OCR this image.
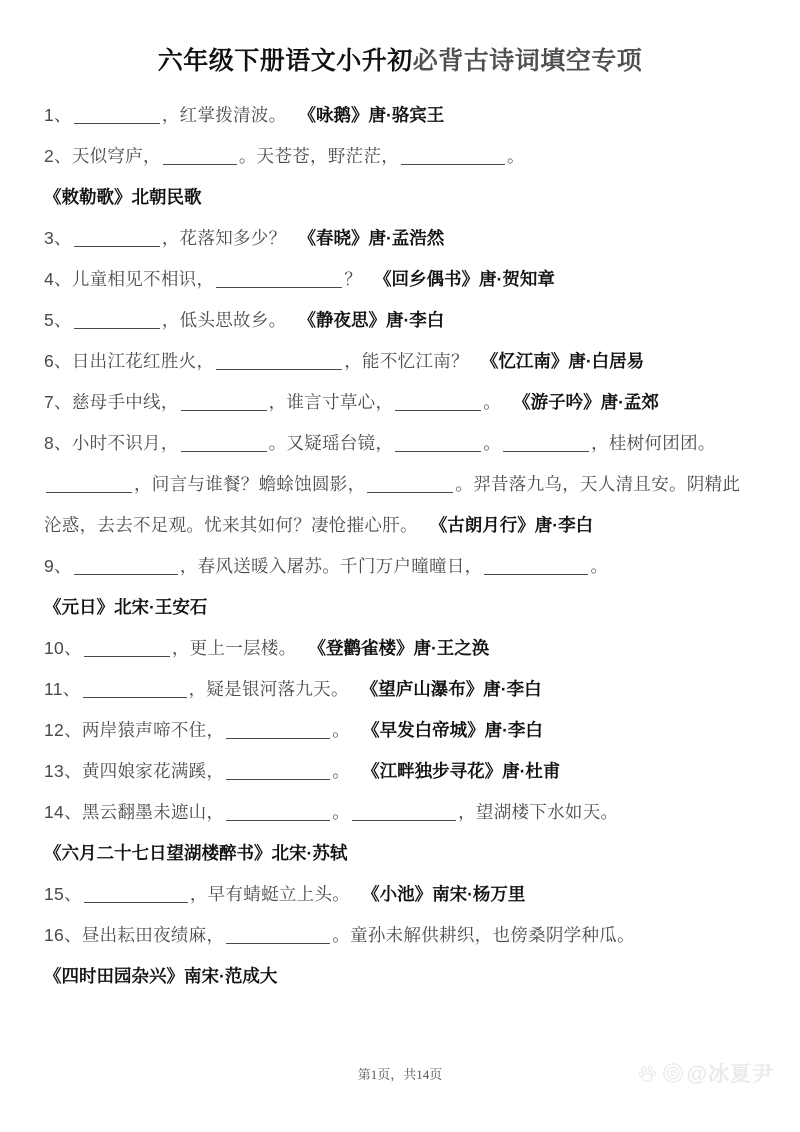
六年级下册语文小升初必背古诗词填空专项
1、	，红掌拨清波。 《咏鹅》唐·骆宾王
2、天似穹庐，	。天苍苍，野茫茫，	。
《敕勒歌》北朝民歌
3、	，花落知多少？ 《春晓》唐·孟浩然
4、儿童相见不相识，	？ 《回乡偶书》唐·贺知章
5、	，低头思故乡。 《静夜思》唐·李白
6、日出江花红胜火，	，能不忆江南？ 《忆江南》唐·白居易
7、慈母手中线，	，谁言寸草心，	。 《游子吟》唐·孟郊
8、小时不识月，	。又疑瑶台镜，	。	，桂树何团团。，问言与谁餐？蟾蜍蚀圆影，	。羿昔落九乌，天人清且安。阴精此沦惑，去去不足观。忧来其如何？凄怆摧心肝。 《古朗月行》唐·李白
9、	，春风送暖入屠苏。千门万户曈曈日，	。
《元日》北宋·王安石
10、	，更上一层楼。 《登鹳雀楼》唐·王之涣
11、	，疑是银河落九天。 《望庐山瀑布》唐·李白
12、两岸猿声啼不住，	。 《早发白帝城》唐·李白
13、黄四娘家花满蹊，	。 《江畔独步寻花》唐·杜甫
14、黑云翻墨未遮山，	。	，望湖楼下水如天。
《六月二十七日望湖楼醉书》北宋·苏轼
15、	，早有蜻蜓立上头。 《小池》南宋·杨万里
16、昼出耘田夜绩麻，	。童孙未解供耕织，也傍桑阴学种瓜。
《四时田园杂兴》南宋·范成大
第1页，共14页	@冰夏尹
